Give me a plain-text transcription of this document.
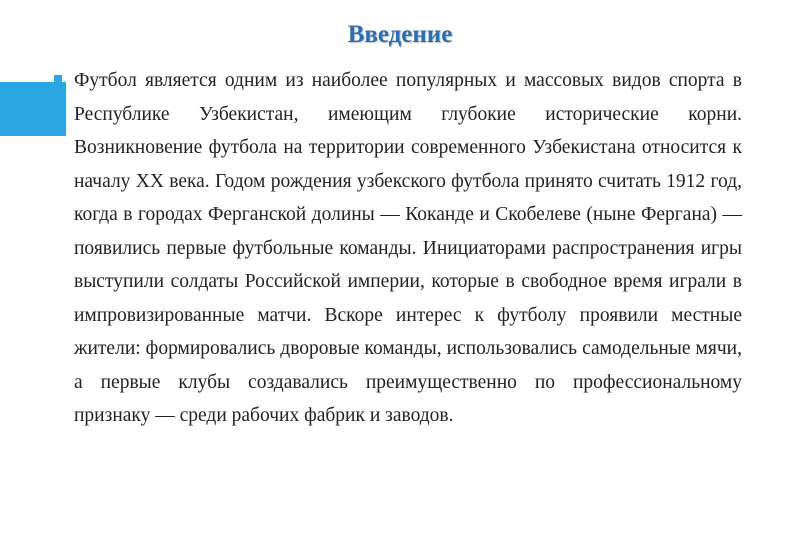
Введение

Футбол является одним из наиболее популярных и массовых видов спорта в Республике Узбекистан, имеющим глубокие исторические корни. Возникновение футбола на территории современного Узбекистана относится к началу XX века. Годом рождения узбекского футбола принято считать 1912 год, когда в городах Ферганской долины — Коканде и Скобелеве (ныне Фергана) — появились первые футбольные команды. Инициаторами распространения игры выступили солдаты Российской империи, которые в свободное время играли в импровизированные матчи. Вскоре интерес к футболу проявили местные жители: формировались дворовые команды, использовались самодельные мячи, а первые клубы создавались преимущественно по профессиональному признаку — среди рабочих фабрик и заводов.
